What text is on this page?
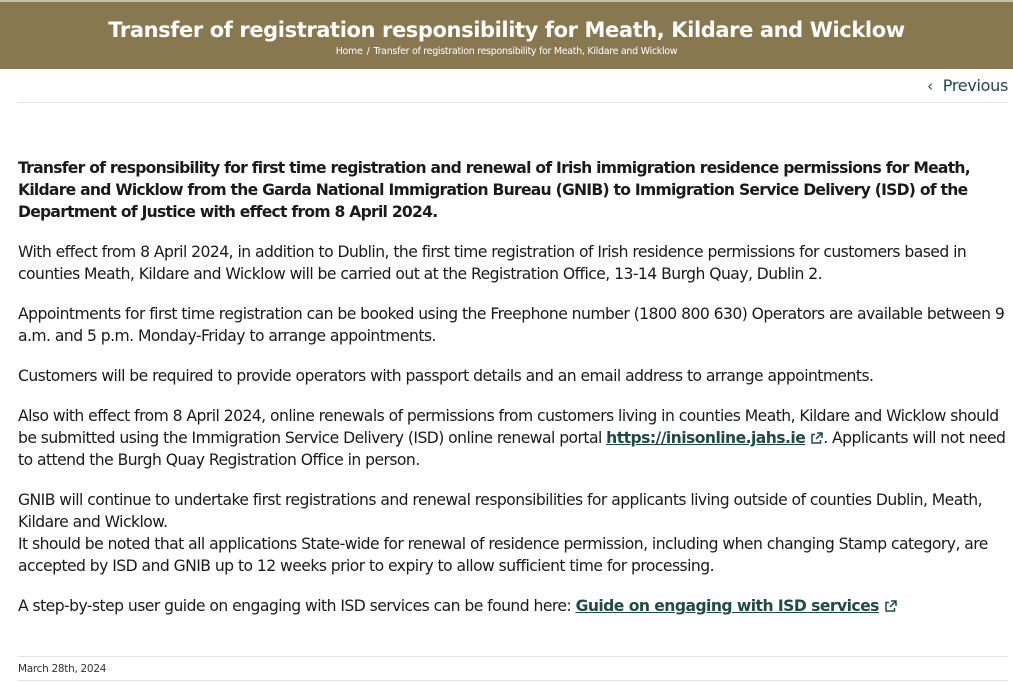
Transfer of registration responsibility for Meath, Kildare and Wicklow
Home / Transfer of registration responsibility for Meath, Kildare and Wicklow
‹ Previous

Transfer of responsibility for first time registration and renewal of Irish immigration residence permissions for Meath, Kildare and Wicklow from the Garda National Immigration Bureau (GNIB) to Immigration Service Delivery (ISD) of the Department of Justice with effect from 8 April 2024.

With effect from 8 April 2024, in addition to Dublin, the first time registration of Irish residence permissions for customers based in counties Meath, Kildare and Wicklow will be carried out at the Registration Office, 13-14 Burgh Quay, Dublin 2.

Appointments for first time registration can be booked using the Freephone number (1800 800 630) Operators are available between 9 a.m. and 5 p.m. Monday-Friday to arrange appointments.

Customers will be required to provide operators with passport details and an email address to arrange appointments.

Also with effect from 8 April 2024, online renewals of permissions from customers living in counties Meath, Kildare and Wicklow should be submitted using the Immigration Service Delivery (ISD) online renewal portal https://inisonline.jahs.ie . Applicants will not need to attend the Burgh Quay Registration Office in person.

GNIB will continue to undertake first registrations and renewal responsibilities for applicants living outside of counties Dublin, Meath, Kildare and Wicklow.

It should be noted that all applications State-wide for renewal of residence permission, including when changing Stamp category, are accepted by ISD and GNIB up to 12 weeks prior to expiry to allow sufficient time for processing.

A step-by-step user guide on engaging with ISD services can be found here: Guide on engaging with ISD services

March 28th, 2024
